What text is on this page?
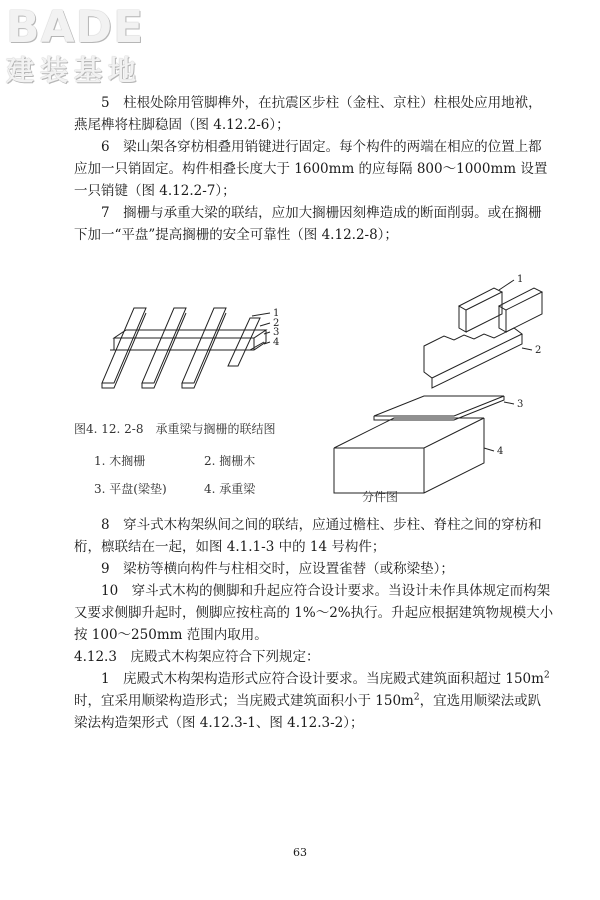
BADE
建装基地

5　柱根处除用管脚榫外，在抗震区步柱（金柱、京柱）柱根处应用地袱，燕尾榫将柱脚稳固（图 4.12.2-6）；

6　梁山架各穿枋相叠用销键进行固定。每个构件的两端在相应的位置上都应加一只销固定。构件相叠长度大于 1600mm 的应每隔 800～1000mm 设置一只销键（图 4.12.2-7）；

7　搁栅与承重大梁的联结，应加大搁栅因刻榫造成的断面削弱。或在搁栅下加一“平盘”提高搁栅的安全可靠性（图 4.12.2-8）；

1
2
3
4
1
2
3
4
图4. 12. 2-8　承重梁与搁栅的联结图
1. 木搁栅	2. 搁栅木
3. 平盘(梁垫)	4. 承重梁
分件图

8　穿斗式木构架纵间之间的联结，应通过檐柱、步柱、脊柱之间的穿枋和桁，檩联结在一起，如图 4.1.1-3 中的 14 号构件；

9　梁枋等横向构件与柱相交时，应设置雀替（或称梁垫）；

10　穿斗式木构的侧脚和升起应符合设计要求。当设计未作具体规定而构架又要求侧脚升起时，侧脚应按柱高的 1%～2%执行。升起应根据建筑物规模大小按 100～250mm 范围内取用。

4.12.3　庑殿式木构架应符合下列规定：

1　庑殿式木构架构造形式应符合设计要求。当庑殿式建筑面积超过 $150m^2$ 时，宜采用顺梁构造形式；当庑殿式建筑面积小于 $150m^2$，宜选用顺梁法或趴梁法构造架形式（图 4.12.3-1、图 4.12.3-2）；

63
